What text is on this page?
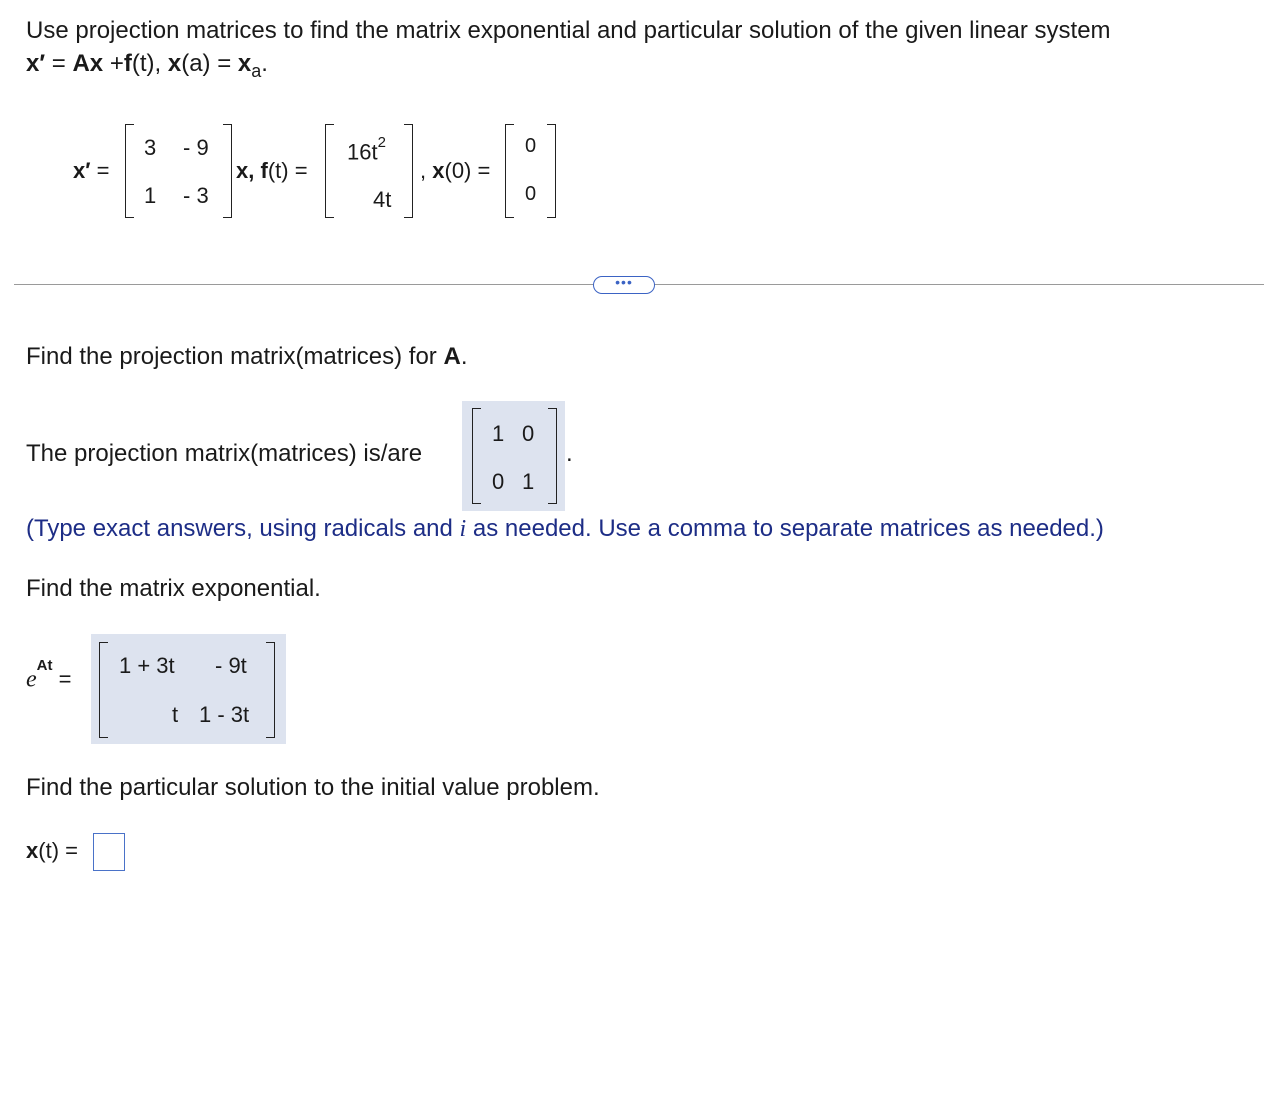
Use projection matrices to find the matrix exponential and particular solution of the given linear system
x′ = Ax +f(t), $x(a) = x_a$.
x′ =
3 - 9
1 - 3
x, f(t) =
$16t^2$
4t
, x(0) =
0
0
•••
Find the projection matrix(matrices) for A.
The projection matrix(matrices) is/are
1 0
0 1
.
(Type exact answers, using radicals and i as needed. Use a comma to separate matrices as needed.)
Find the matrix exponential.
$e^{At}$ =
1 + 3t - 9t
t 1 - 3t
Find the particular solution to the initial value problem.
x(t) =
